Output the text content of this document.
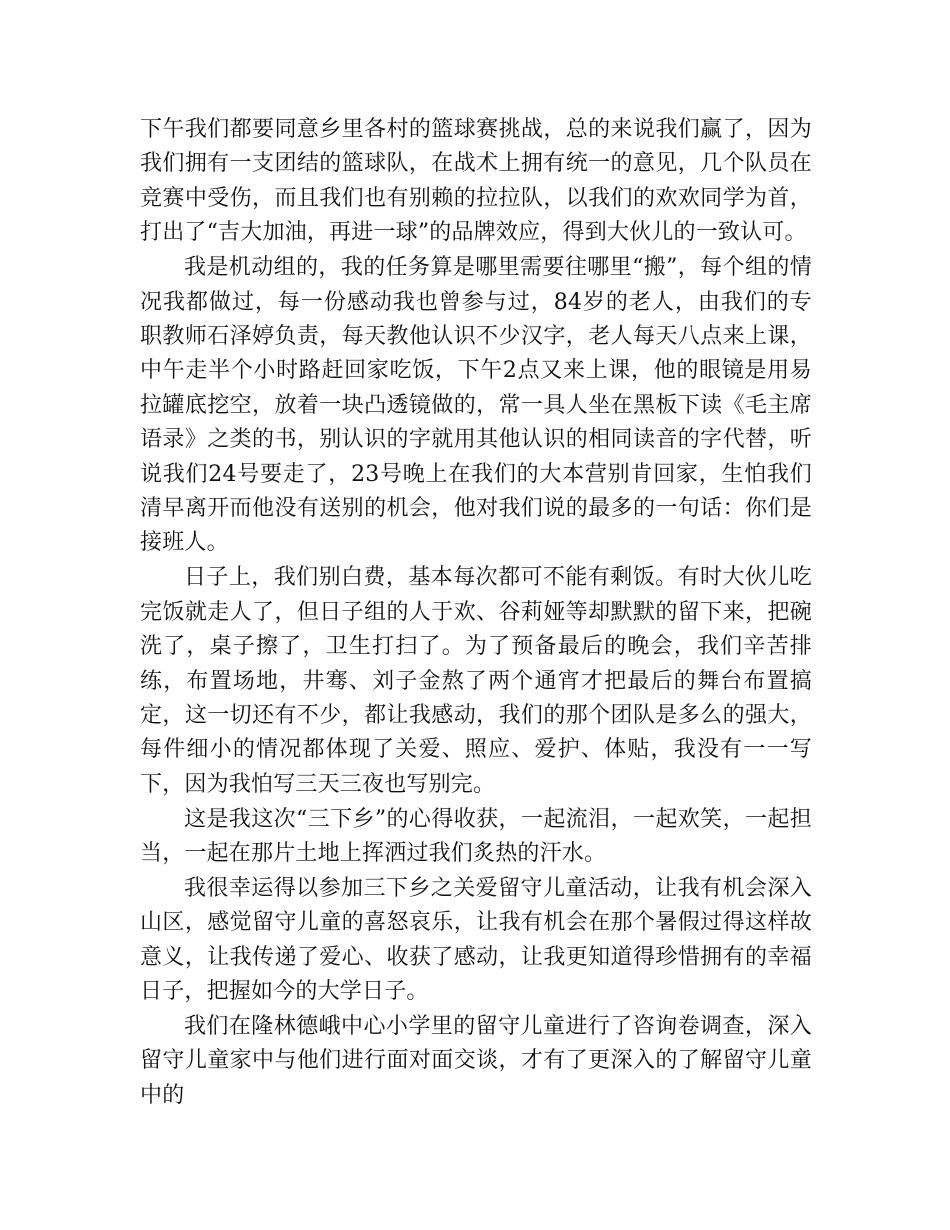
下午我们都要同意乡里各村的篮球赛挑战，总的来说我们赢了，因为我们拥有一支团结的篮球队，在战术上拥有统一的意见，几个队员在竞赛中受伤，而且我们也有别赖的拉拉队，以我们的欢欢同学为首，打出了“吉大加油，再进一球”的品牌效应，得到大伙儿的一致认可。

我是机动组的，我的任务算是哪里需要往哪里“搬”，每个组的情况我都做过，每一份感动我也曾参与过，84岁的老人，由我们的专职教师石泽婷负责，每天教他认识不少汉字，老人每天八点来上课，中午走半个小时路赶回家吃饭，下午2点又来上课，他的眼镜是用易拉罐底挖空，放着一块凸透镜做的，常一具人坐在黑板下读《毛主席语录》之类的书，别认识的字就用其他认识的相同读音的字代替，听说我们24号要走了，23号晚上在我们的大本营别肯回家，生怕我们清早离开而他没有送别的机会，他对我们说的最多的一句话：你们是接班人。

日子上，我们别白费，基本每次都可不能有剩饭。有时大伙儿吃完饭就走人了，但日子组的人于欢、谷莉娅等却默默的留下来，把碗洗了，桌子擦了，卫生打扫了。为了预备最后的晚会，我们辛苦排练，布置场地，井骞、刘子金熬了两个通宵才把最后的舞台布置搞定，这一切还有不少，都让我感动，我们的那个团队是多么的强大，每件细小的情况都体现了关爱、照应、爱护、体贴，我没有一一写下，因为我怕写三天三夜也写别完。

这是我这次“三下乡”的心得收获，一起流泪，一起欢笑，一起担当，一起在那片土地上挥洒过我们炙热的汗水。

我很幸运得以参加三下乡之关爱留守儿童活动，让我有机会深入山区，感觉留守儿童的喜怒哀乐，让我有机会在那个暑假过得这样故意义，让我传递了爱心、收获了感动，让我更知道得珍惜拥有的幸福日子，把握如今的大学日子。

我们在隆林德峨中心小学里的留守儿童进行了咨询卷调查，深入留守儿童家中与他们进行面对面交谈，才有了更深入的了解留守儿童中的
